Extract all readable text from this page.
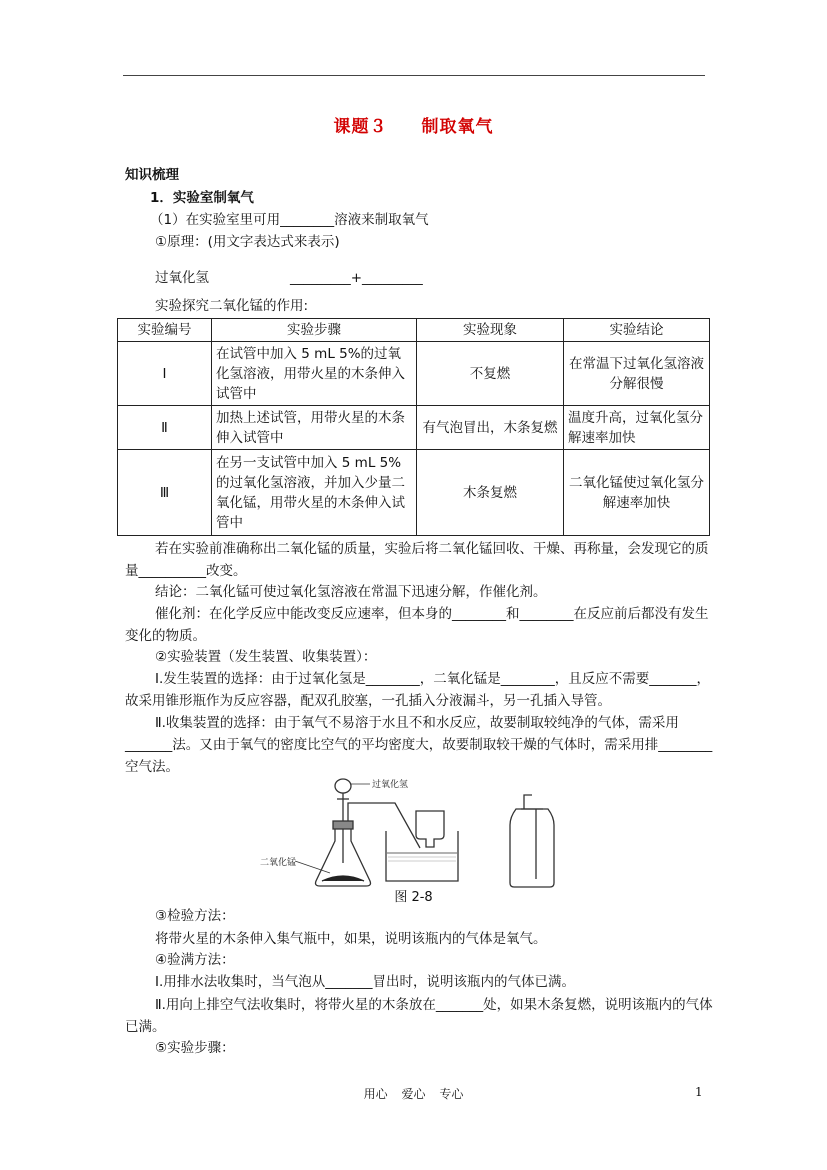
课题３ 制取氧气
知识梳理
1．实验室制氧气
（1）在实验室里可用________溶液来制取氧气
①原理：(用文字表达式来表示)
过氧化氢	_________+_________
实验探究二氧化锰的作用:
实验编号	实验步骤	实验现象	实验结论
Ⅰ	在试管中加入 5 mL 5%的过氧化氢溶液，用带火星的木条伸入试管中	不复燃	在常温下过氧化氢溶液分解很慢
Ⅱ	加热上述试管，用带火星的木条伸入试管中	有气泡冒出，木条复燃	温度升高，过氧化氢分解速率加快
Ⅲ	在另一支试管中加入 5 mL 5%的过氧化氢溶液，并加入少量二氧化锰，用带火星的木条伸入试管中	木条复燃	二氧化锰使过氧化氢分解速率加快
若在实验前准确称出二氧化锰的质量，实验后将二氧化锰回收、干燥、再称量，会发现它的质量__________改变。
结论：二氧化锰可使过氧化氢溶液在常温下迅速分解，作催化剂。
催化剂：在化学反应中能改变反应速率，但本身的________和________在反应前后都没有发生变化的物质。
②实验装置（发生装置、收集装置）：
Ⅰ.发生装置的选择：由于过氧化氢是________，二氧化锰是________，且反应不需要_______，故采用锥形瓶作为反应容器，配双孔胶塞，一孔插入分液漏斗，另一孔插入导管。
Ⅱ.收集装置的选择：由于氧气不易溶于水且不和水反应，故要制取较纯净的气体，需采用_______法。又由于氧气的密度比空气的平均密度大，故要制取较干燥的气体时，需采用排________空气法。
过氧化氢
二氧化锰
图 2-8
③检验方法：
将带火星的木条伸入集气瓶中，如果，说明该瓶内的气体是氧气。
④验满方法：
Ⅰ.用排水法收集时，当气泡从_______冒出时，说明该瓶内的气体已满。
Ⅱ.用向上排空气法收集时，将带火星的木条放在_______处，如果木条复燃，说明该瓶内的气体已满。
⑤实验步骤：
用心 爱心 专心	1
